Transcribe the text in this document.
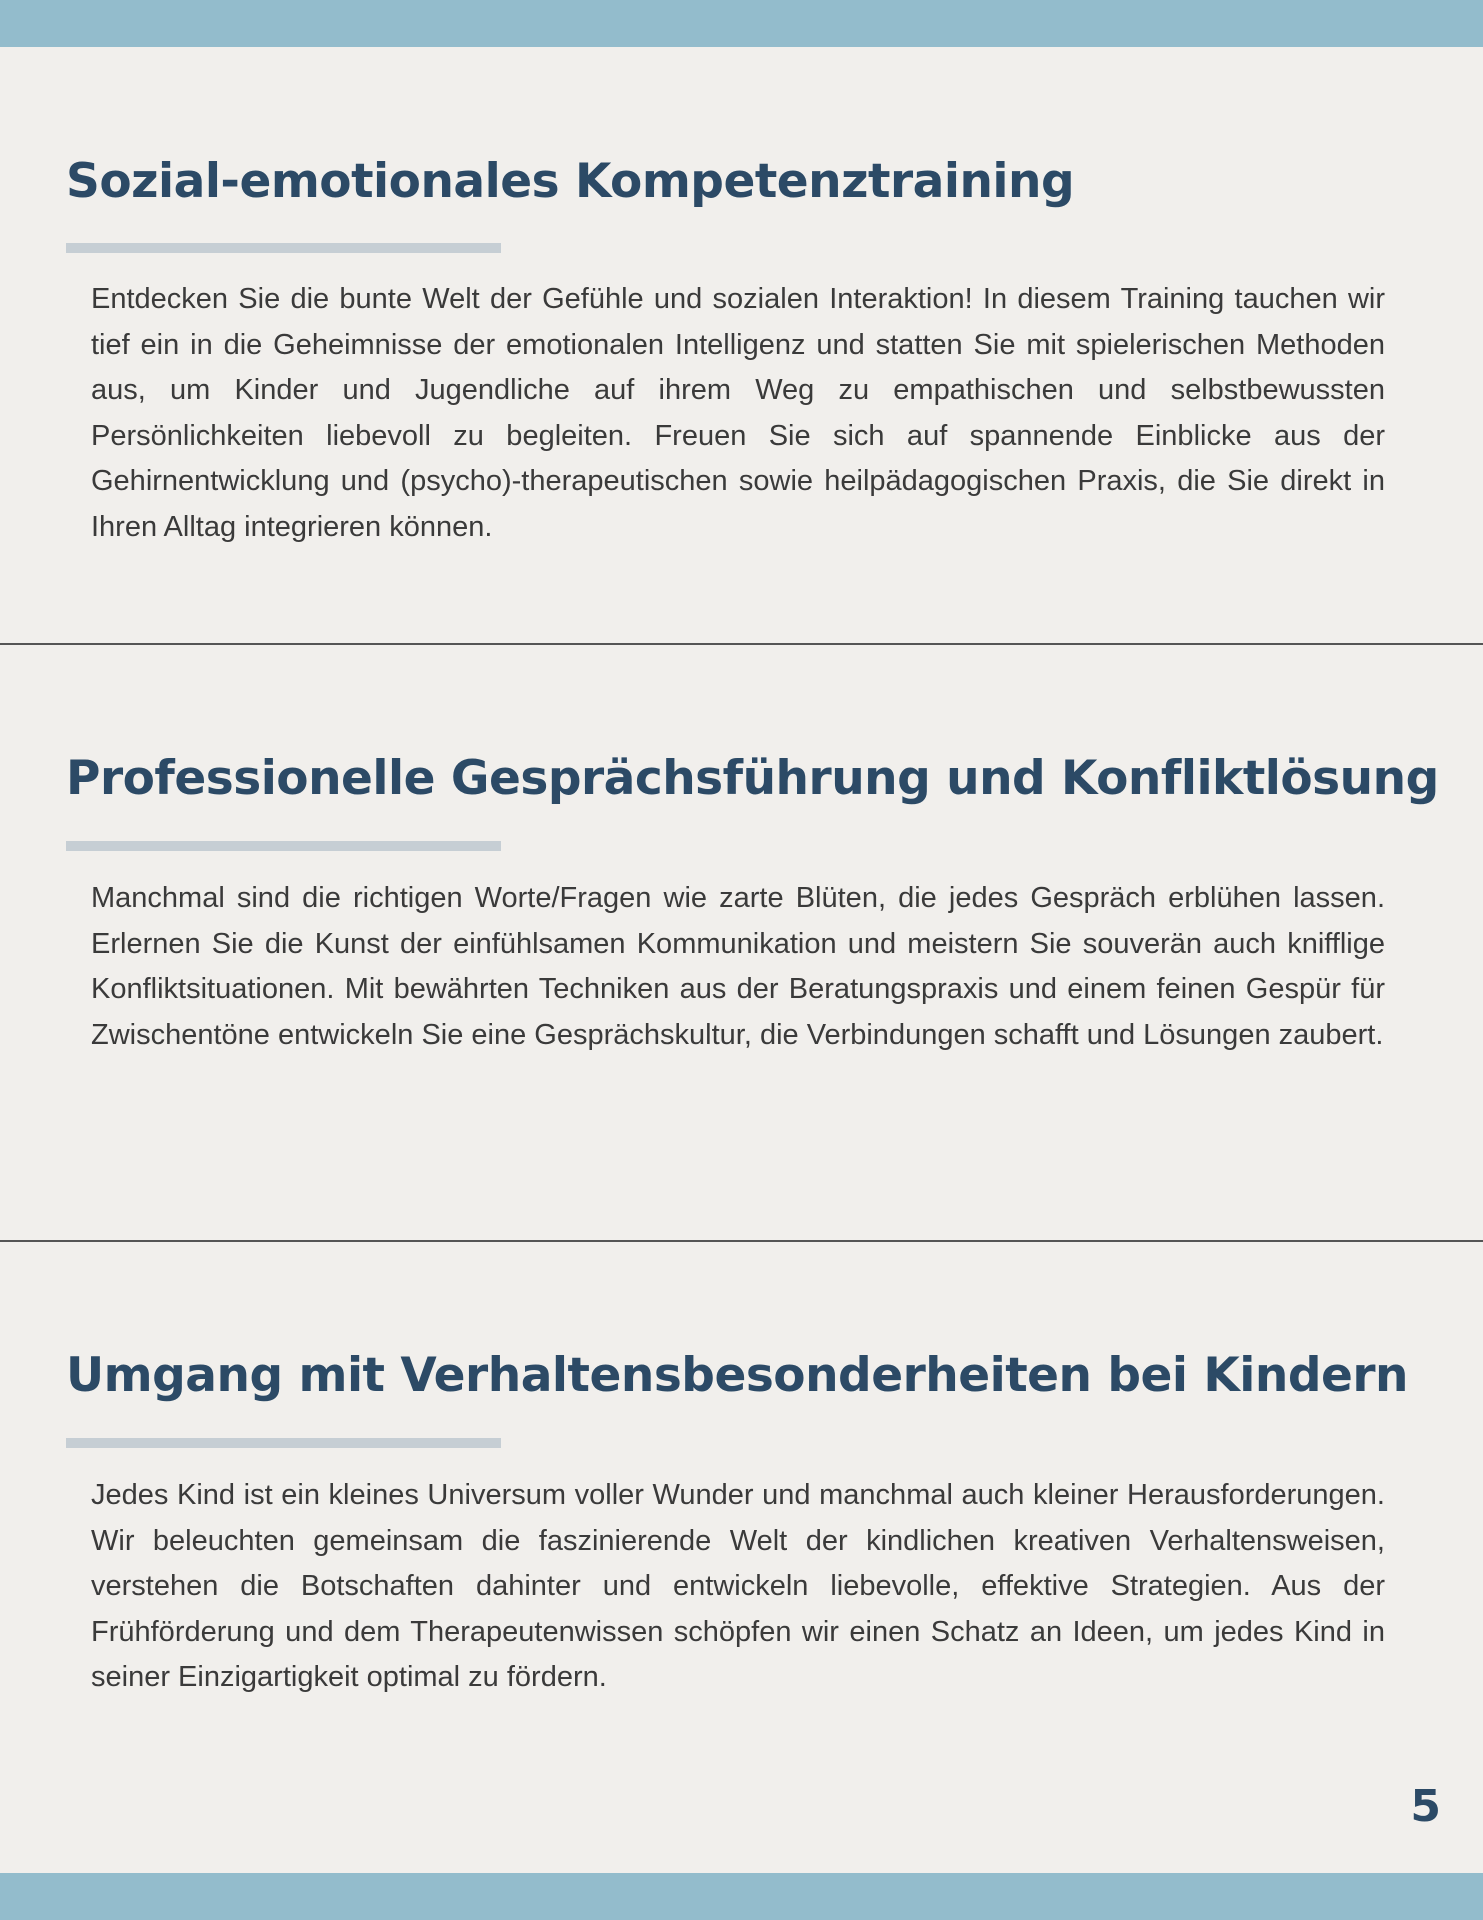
Sozial-emotionales Kompetenztraining

Entdecken Sie die bunte Welt der Gefühle und sozialen Interaktion! In diesem Training tauchen wir tief ein in die Geheimnisse der emotionalen Intelligenz und statten Sie mit spielerischen Methoden aus, um Kinder und Jugendliche auf ihrem Weg zu empathischen und selbstbewussten Persönlichkeiten liebevoll zu begleiten. Freuen Sie sich auf spannende Einblicke aus der Gehirnentwicklung und (psycho)-therapeutischen sowie heilpädagogischen Praxis, die Sie direkt in Ihren Alltag integrieren können.

Professionelle Gesprächsführung und Konfliktlösung

Manchmal sind die richtigen Worte/Fragen wie zarte Blüten, die jedes Gespräch erblühen lassen. Erlernen Sie die Kunst der einfühlsamen Kommunikation und meistern Sie souverän auch knifflige Konfliktsituationen. Mit bewährten Techniken aus der Beratungspraxis und einem feinen Gespür für Zwischentöne entwickeln Sie eine Gesprächskultur, die Verbindungen schafft und Lösungen zaubert.

Umgang mit Verhaltensbesonderheiten bei Kindern

Jedes Kind ist ein kleines Universum voller Wunder und manchmal auch kleiner Herausforderungen. Wir beleuchten gemeinsam die faszinierende Welt der kindlichen kreativen Verhaltensweisen, verstehen die Botschaften dahinter und entwickeln liebevolle, effektive Strategien. Aus der Frühförderung und dem Therapeutenwissen schöpfen wir einen Schatz an Ideen, um jedes Kind in seiner Einzigartigkeit optimal zu fördern.

5
